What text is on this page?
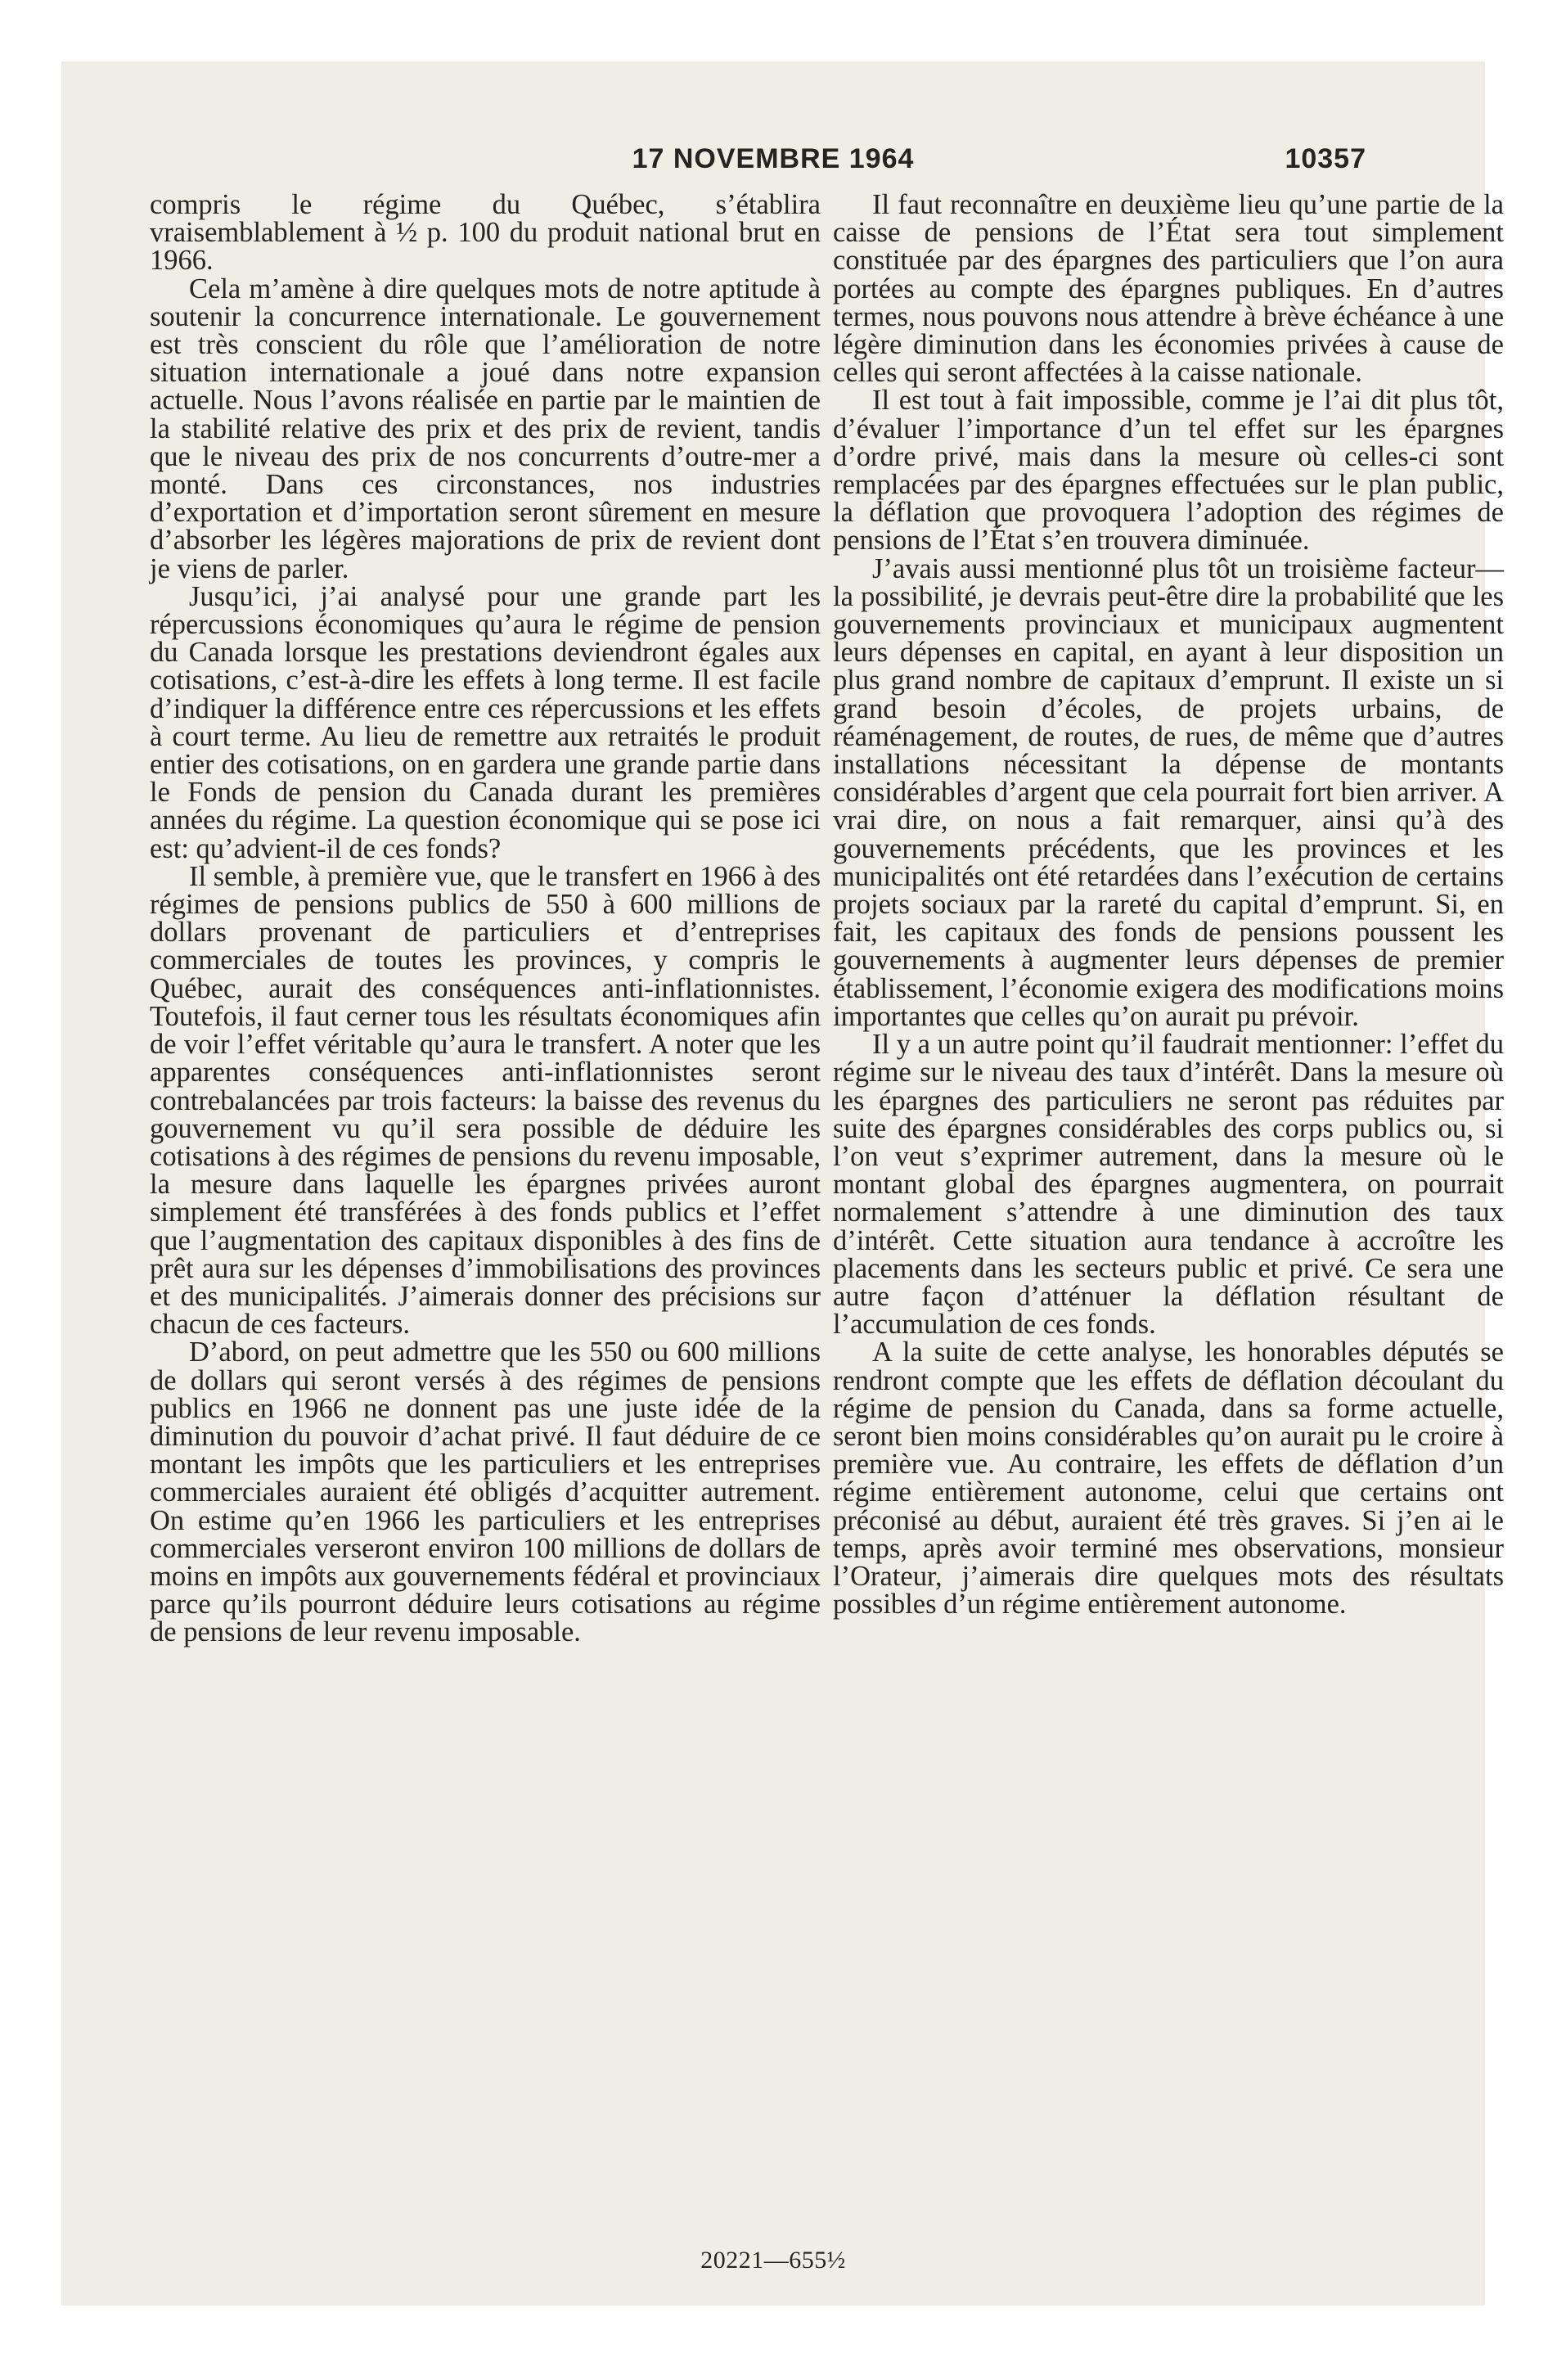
17 NOVEMBRE 1964	10357

compris le régime du Québec, s’établira vraisemblablement à ½ p. 100 du produit national brut en 1966.

Cela m’amène à dire quelques mots de notre aptitude à soutenir la concurrence internationale. Le gouvernement est très conscient du rôle que l’amélioration de notre situation internationale a joué dans notre expansion actuelle. Nous l’avons réalisée en partie par le maintien de la stabilité relative des prix et des prix de revient, tandis que le niveau des prix de nos concurrents d’outre-mer a monté. Dans ces circonstances, nos industries d’exportation et d’importation seront sûrement en mesure d’absorber les légères majorations de prix de revient dont je viens de parler.

Jusqu’ici, j’ai analysé pour une grande part les répercussions économiques qu’aura le régime de pension du Canada lorsque les prestations deviendront égales aux cotisations, c’est-à-dire les effets à long terme. Il est facile d’indiquer la différence entre ces répercussions et les effets à court terme. Au lieu de remettre aux retraités le produit entier des cotisations, on en gardera une grande partie dans le Fonds de pension du Canada durant les premières années du régime. La question économique qui se pose ici est: qu’advient-il de ces fonds?

Il semble, à première vue, que le transfert en 1966 à des régimes de pensions publics de 550 à 600 millions de dollars provenant de particuliers et d’entreprises commerciales de toutes les provinces, y compris le Québec, aurait des conséquences anti-inflationnistes. Toutefois, il faut cerner tous les résultats économiques afin de voir l’effet véritable qu’aura le transfert. A noter que les apparentes conséquences anti-inflationnistes seront contrebalancées par trois facteurs: la baisse des revenus du gouvernement vu qu’il sera possible de déduire les cotisations à des régimes de pensions du revenu imposable, la mesure dans laquelle les épargnes privées auront simplement été transférées à des fonds publics et l’effet que l’augmentation des capitaux disponibles à des fins de prêt aura sur les dépenses d’immobilisations des provinces et des municipalités. J’aimerais donner des précisions sur chacun de ces facteurs.

D’abord, on peut admettre que les 550 ou 600 millions de dollars qui seront versés à des régimes de pensions publics en 1966 ne donnent pas une juste idée de la diminution du pouvoir d’achat privé. Il faut déduire de ce montant les impôts que les particuliers et les entreprises commerciales auraient été obligés d’acquitter autrement. On estime qu’en 1966 les particuliers et les entreprises commerciales verseront environ 100 millions de dollars de moins en impôts aux gouvernements fédéral et provinciaux parce qu’ils pourront déduire leurs cotisations au régime de pensions de leur revenu imposable.

Il faut reconnaître en deuxième lieu qu’une partie de la caisse de pensions de l’État sera tout simplement constituée par des épargnes des particuliers que l’on aura portées au compte des épargnes publiques. En d’autres termes, nous pouvons nous attendre à brève échéance à une légère diminution dans les économies privées à cause de celles qui seront affectées à la caisse nationale.

Il est tout à fait impossible, comme je l’ai dit plus tôt, d’évaluer l’importance d’un tel effet sur les épargnes d’ordre privé, mais dans la mesure où celles-ci sont remplacées par des épargnes effectuées sur le plan public, la déflation que provoquera l’adoption des régimes de pensions de l’État s’en trouvera diminuée.

J’avais aussi mentionné plus tôt un troisième facteur—la possibilité, je devrais peut-être dire la probabilité que les gouvernements provinciaux et municipaux augmentent leurs dépenses en capital, en ayant à leur disposition un plus grand nombre de capitaux d’emprunt. Il existe un si grand besoin d’écoles, de projets urbains, de réaménagement, de routes, de rues, de même que d’autres installations nécessitant la dépense de montants considérables d’argent que cela pourrait fort bien arriver. A vrai dire, on nous a fait remarquer, ainsi qu’à des gouvernements précédents, que les provinces et les municipalités ont été retardées dans l’exécution de certains projets sociaux par la rareté du capital d’emprunt. Si, en fait, les capitaux des fonds de pensions poussent les gouvernements à augmenter leurs dépenses de premier établissement, l’économie exigera des modifications moins importantes que celles qu’on aurait pu prévoir.

Il y a un autre point qu’il faudrait mentionner: l’effet du régime sur le niveau des taux d’intérêt. Dans la mesure où les épargnes des particuliers ne seront pas réduites par suite des épargnes considérables des corps publics ou, si l’on veut s’exprimer autrement, dans la mesure où le montant global des épargnes augmentera, on pourrait normalement s’attendre à une diminution des taux d’intérêt. Cette situation aura tendance à accroître les placements dans les secteurs public et privé. Ce sera une autre façon d’atténuer la déflation résultant de l’accumulation de ces fonds.

A la suite de cette analyse, les honorables députés se rendront compte que les effets de déflation découlant du régime de pension du Canada, dans sa forme actuelle, seront bien moins considérables qu’on aurait pu le croire à première vue. Au contraire, les effets de déflation d’un régime entièrement autonome, celui que certains ont préconisé au début, auraient été très graves. Si j’en ai le temps, après avoir terminé mes observations, monsieur l’Orateur, j’aimerais dire quelques mots des résultats possibles d’un régime entièrement autonome.

20221—655½
